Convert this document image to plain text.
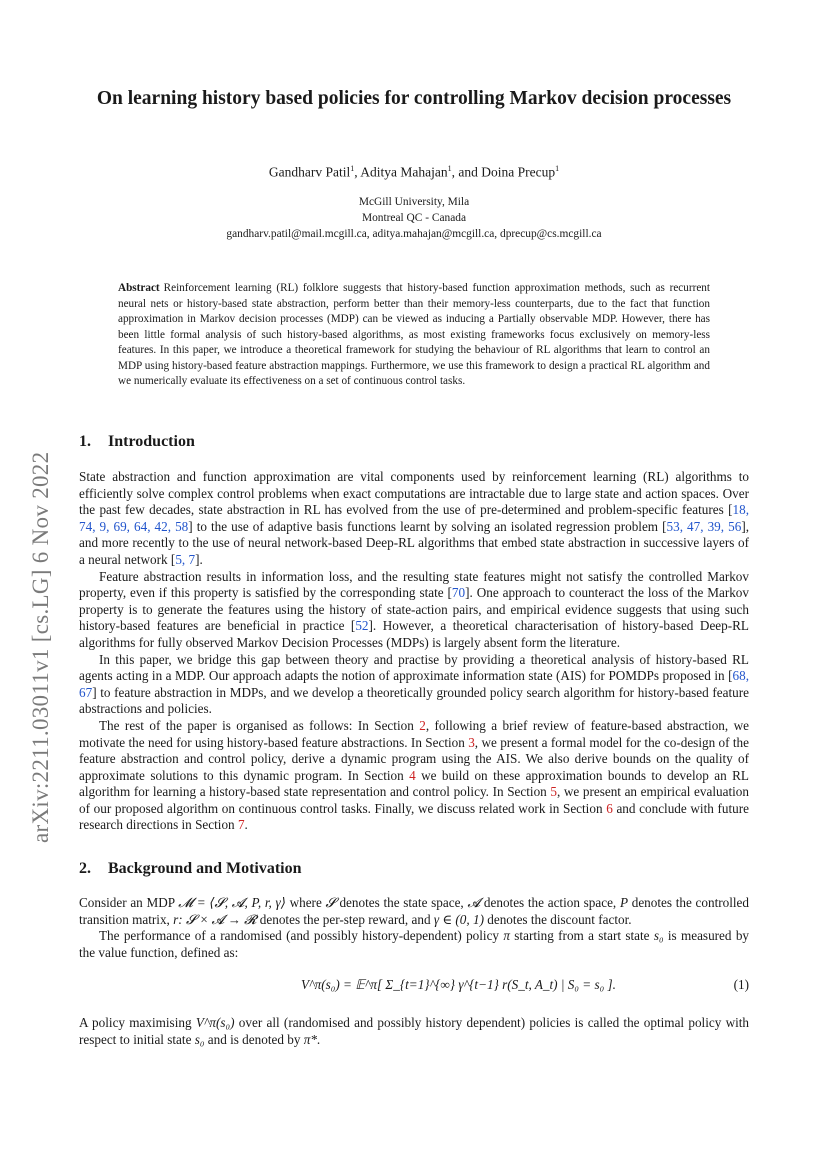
arXiv:2211.03011v1 [cs.LG] 6 Nov 2022
On learning history based policies for controlling Markov decision processes
Gandharv Patil$^1$, Aditya Mahajan$^1$, and Doina Precup$^1$
McGill University, Mila
Montreal QC - Canada
gandharv.patil@mail.mcgill.ca, aditya.mahajan@mcgill.ca, dprecup@cs.mcgill.ca
Abstract Reinforcement learning (RL) folklore suggests that history-based function approximation methods, such as recurrent neural nets or history-based state abstraction, perform better than their memory-less counterparts, due to the fact that function approximation in Markov decision processes (MDP) can be viewed as inducing a Partially observable MDP. However, there has been little formal analysis of such history-based algorithms, as most existing frameworks focus exclusively on memory-less features. In this paper, we introduce a theoretical framework for studying the behaviour of RL algorithms that learn to control an MDP using history-based feature abstraction mappings. Furthermore, we use this framework to design a practical RL algorithm and we numerically evaluate its effectiveness on a set of continuous control tasks.
1. Introduction

State abstraction and function approximation are vital components used by reinforcement learning (RL) algorithms to efficiently solve complex control problems when exact computations are intractable due to large state and action spaces. Over the past few decades, state abstraction in RL has evolved from the use of pre-determined and problem-specific features [18, 74, 9, 69, 64, 42, 58] to the use of adaptive basis functions learnt by solving an isolated regression problem [53, 47, 39, 56], and more recently to the use of neural network-based Deep-RL algorithms that embed state abstraction in successive layers of a neural network [5, 7].

Feature abstraction results in information loss, and the resulting state features might not satisfy the controlled Markov property, even if this property is satisfied by the corresponding state [70]. One approach to counteract the loss of the Markov property is to generate the features using the history of state-action pairs, and empirical evidence suggests that using such history-based features are beneficial in practice [52]. However, a theoretical characterisation of history-based Deep-RL algorithms for fully observed Markov Decision Processes (MDPs) is largely absent form the literature.

In this paper, we bridge this gap between theory and practise by providing a theoretical analysis of history-based RL agents acting in a MDP. Our approach adapts the notion of approximate information state (AIS) for POMDPs proposed in [68, 67] to feature abstraction in MDPs, and we develop a theoretically grounded policy search algorithm for history-based feature abstractions and policies.

The rest of the paper is organised as follows: In Section 2, following a brief review of feature-based abstraction, we motivate the need for using history-based feature abstractions. In Section 3, we present a formal model for the co-design of the feature abstraction and control policy, derive a dynamic program using the AIS. We also derive bounds on the quality of approximate solutions to this dynamic program. In Section 4 we build on these approximation bounds to develop an RL algorithm for learning a history-based state representation and control policy. In Section 5, we present an empirical evaluation of our proposed algorithm on continuous control tasks. Finally, we discuss related work in Section 6 and conclude with future research directions in Section 7.

2. Background and Motivation

Consider an MDP 𝓜 = ⟨𝓢, 𝓐, P, r, γ⟩ where 𝓢 denotes the state space, 𝓐 denotes the action space, P denotes the controlled transition matrix, r: 𝓢 × 𝓐 → 𝓡 denotes the per-step reward, and γ ∈ (0, 1) denotes the discount factor.

The performance of a randomised (and possibly history-dependent) policy π starting from a start state s₀ is measured by the value function, defined as:

V^π(s₀) = 𝔼^π[ Σ_{t=1}^{∞} γ^{t−1} r(S_t, A_t) | S₀ = s₀ ].	(1)

A policy maximising V^π(s₀) over all (randomised and possibly history dependent) policies is called the optimal policy with respect to initial state s₀ and is denoted by π*.
